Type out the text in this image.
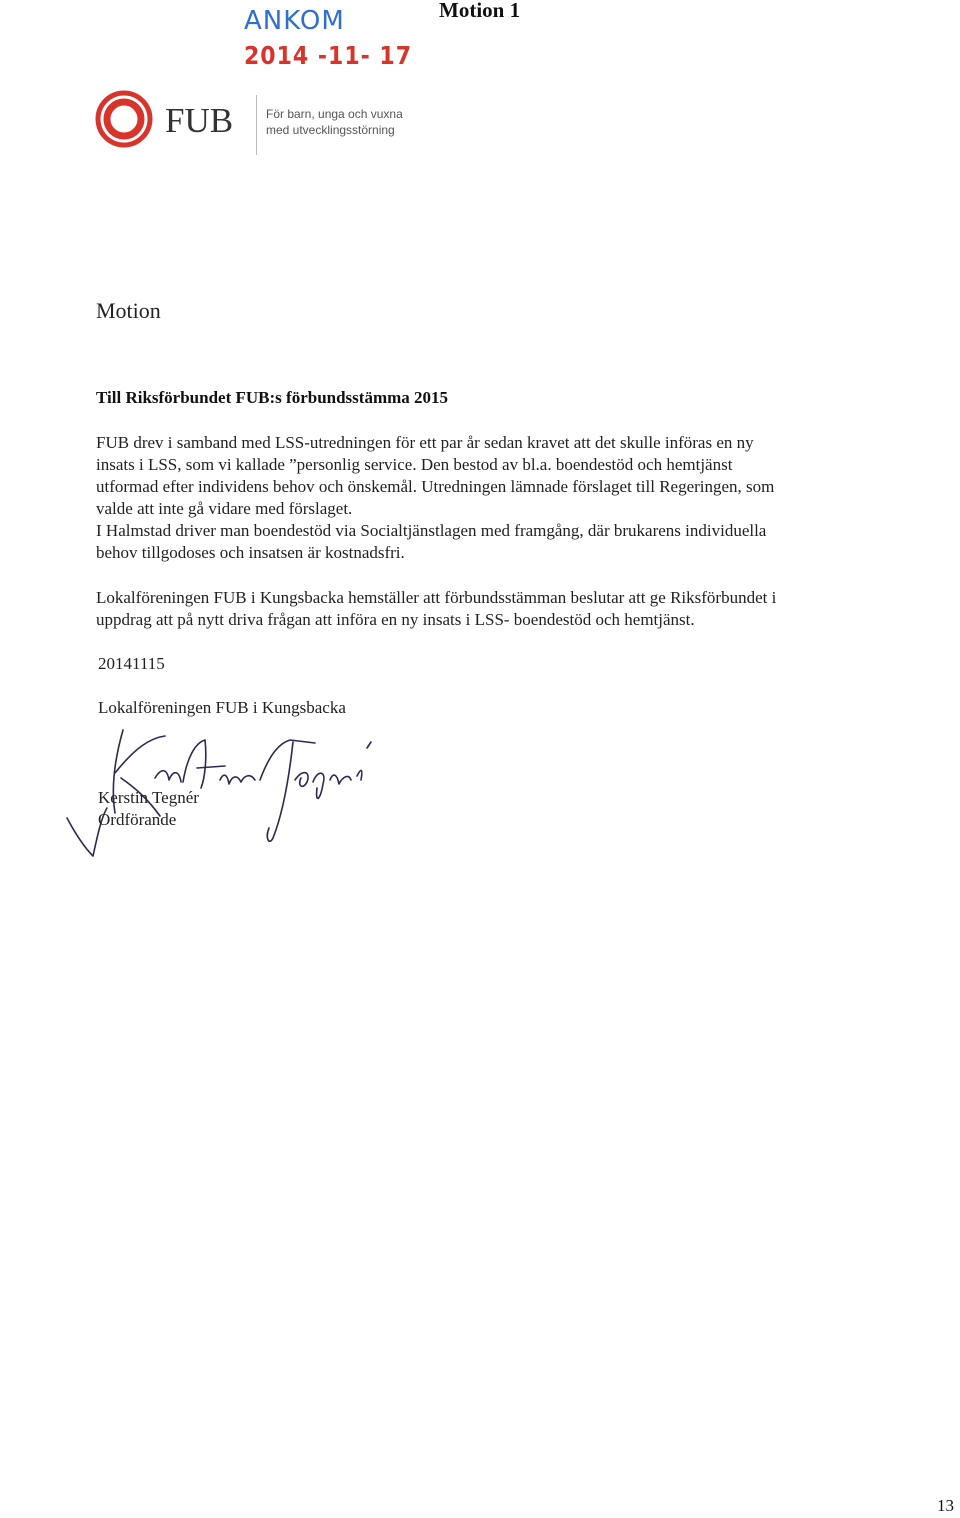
Motion 1
ANKOM
2014 -11- 17
FUB	För barn, unga och vuxna
med utvecklingsstörning
Motion
Till Riksförbundet FUB:s förbundsstämma 2015
FUB drev i samband med LSS-utredningen för ett par år sedan kravet att det skulle införas en ny
insats i LSS, som vi kallade ”personlig service. Den bestod av bl.a. boendestöd och hemtjänst
utformad efter individens behov och önskemål. Utredningen lämnade förslaget till Regeringen, som
valde att inte gå vidare med förslaget.
I Halmstad driver man boendestöd via Socialtjänstlagen med framgång, där brukarens individuella
behov tillgodoses och insatsen är kostnadsfri.
Lokalföreningen FUB i Kungsbacka hemställer att förbundsstämman beslutar att ge Riksförbundet i
uppdrag att på nytt driva frågan att införa en ny insats i LSS- boendestöd och hemtjänst.
20141115
Lokalföreningen FUB i Kungsbacka
Kerstin Tegnér
Ordförande
13
